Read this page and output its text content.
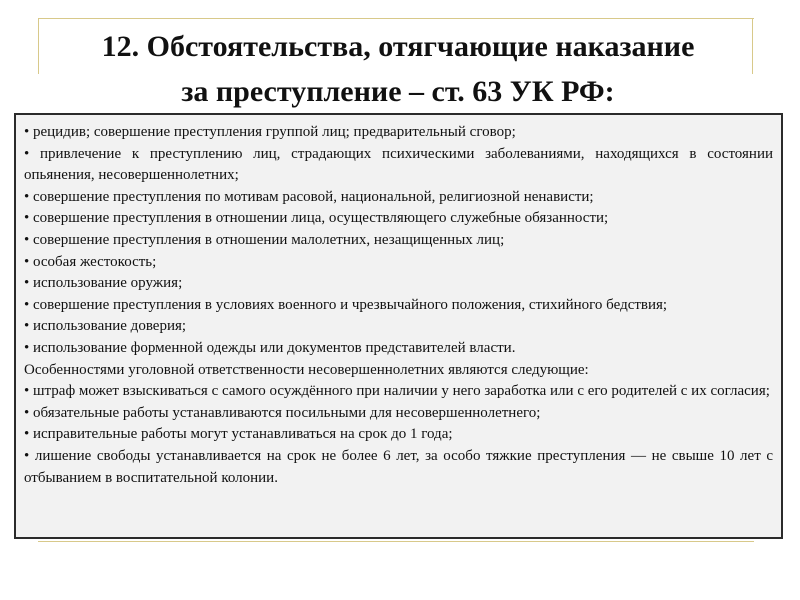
12. Обстоятельства, отягчающие наказание
за преступление – ст. 63 УК РФ:

• рецидив; совершение преступления группой лиц; предварительный сговор;

• привлечение к преступлению лиц, страдающих психическими заболеваниями, находящихся в состоянии опьянения, несовершеннолетних;

• совершение преступления по мотивам расовой, национальной, религиозной ненависти;

• совершение преступления в отношении лица, осуществляющего служебные обязанности;

• совершение преступления в отношении малолетних, незащищенных лиц;

• особая жестокость;

• использование оружия;

• совершение преступления в условиях военного и чрезвычайного положения, стихийного бедствия;

• использование доверия;

• использование форменной одежды или документов представителей власти.

Особенностями уголовной ответственности несовершеннолетних являются следующие:

• штраф может взыскиваться с самого осуждённого при наличии у него заработка или с его родителей с их согласия;

• обязательные работы устанавливаются посильными для несовершеннолетнего;

• исправительные работы могут устанавливаться на срок до 1 года;

• лишение свободы устанавливается на срок не более 6 лет, за особо тяжкие преступления — не свыше 10 лет с отбыванием в воспитательной колонии.
